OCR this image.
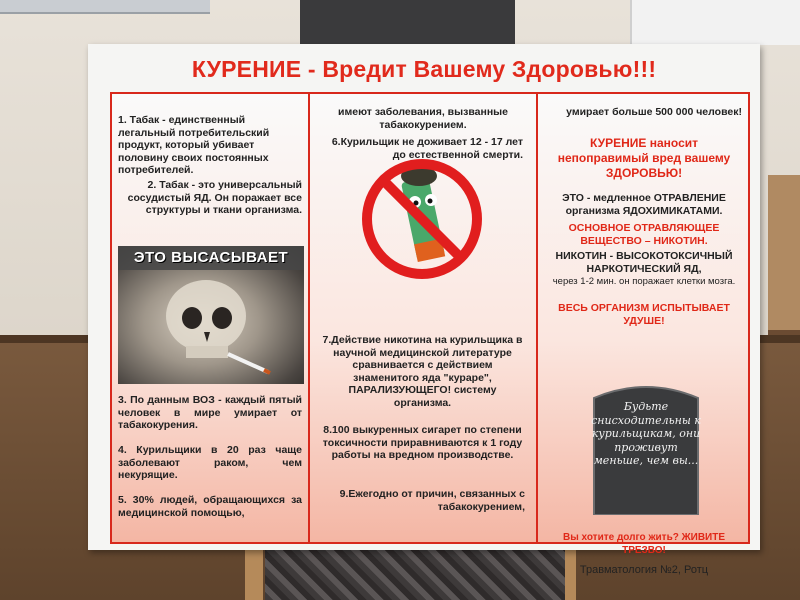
КУРЕНИЕ - Вредит Вашему Здоровью!!!
1. Табак - единственный легальный потребительский продукт, который убивает половину своих постоянных потребителей.
2. Табак - это универсальный сосудистый ЯД. Он поражает все структуры и ткани организма.
ЭТО ВЫСАСЫВАЕТ
3. По данным ВОЗ - каждый пятый человек в мире умирает от табакокурения.
4. Курильщики в 20 раз чаще заболевают раком, чем некурящие.
5. 30% людей, обращающихся за медицинской помощью,
имеют заболевания, вызванные табакокурением.
6.Курильщик не доживает 12 - 17 лет до естественной смерти.
7.Действие никотина на курильщика в научной медицинской литературе сравнивается с действием знаменитого яда "кураре", ПАРАЛИЗУЮЩЕГО! систему организма.
8.100 выкуренных сигарет по степени токсичности приравниваются к 1 году работы на вредном производстве.
9.Ежегодно от причин, связанных с табакокурением,
умирает больше 500 000 человек!
КУРЕНИЕ наносит непоправимый вред вашему ЗДОРОВЬЮ!
ЭТО - медленное ОТРАВЛЕНИЕ организма ЯДОХИМИКАТАМИ.
ОСНОВНОЕ ОТРАВЛЯЮЩЕЕ ВЕЩЕСТВО – НИКОТИН.
НИКОТИН - ВЫСОКОТОКСИЧНЫЙ НАРКОТИЧЕСКИЙ ЯД,
через 1-2 мин. он поражает клетки мозга.
ВЕСЬ ОРГАНИЗМ ИСПЫТЫВАЕТ УДУШЕ!
Будьте снисходительны к курильщикам, они проживут меньше, чем вы...
Вы хотите долго жить? ЖИВИТЕ ТРЕЗВО!
Травматология №2, Ротц
